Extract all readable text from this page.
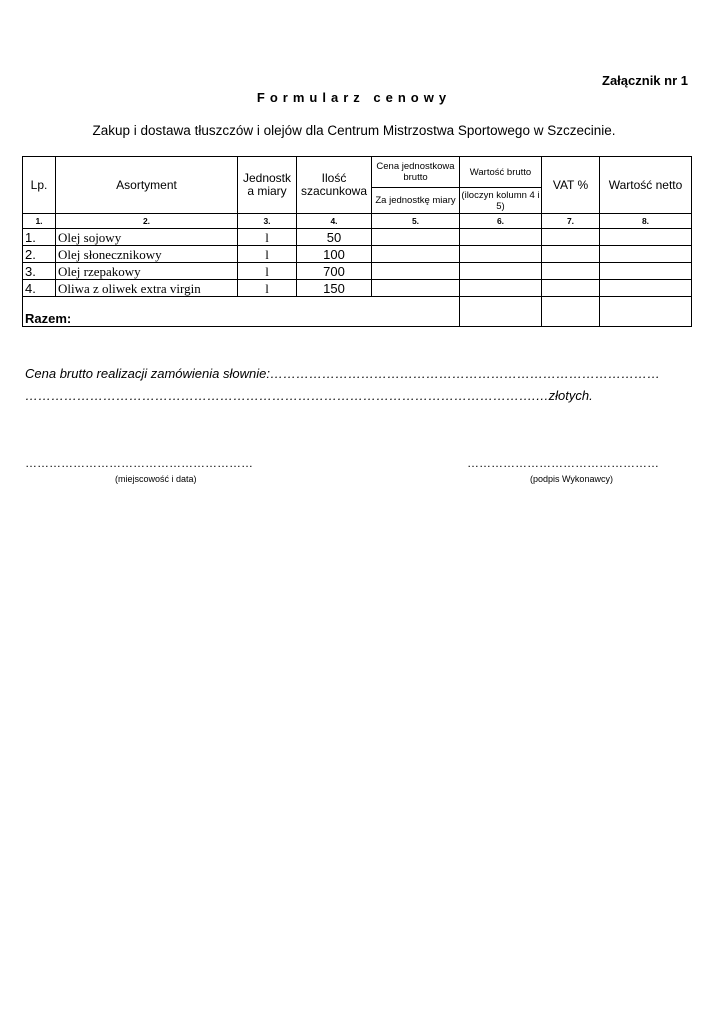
Załącznik nr 1
Formularz cenowy
Zakup i dostawa tłuszczów i olejów dla Centrum Mistrzostwa Sportowego w Szczecinie.
Lp.	Asortyment	Jednostk a miary	Ilość szacunkowa	Cena jednostkowa brutto	Wartość brutto	VAT %	Wartość netto
				Za jednostkę miary	(iloczyn kolumn 4 i 5)		
1.	2.	3.	4.	5.	6.	7.	8.
1.	Olej sojowy	l	50				
2.	Olej słonecznikowy	l	100				
3.	Olej rzepakowy	l	700				
4.	Oliwa z oliwek extra virgin	l	150				
Razem:							
Cena brutto realizacji zamówienia słownie:………………………………………………………………………………
……………………………………………………………………………………………………….…złotych.
…………………………………………………	…………………………………………
(miejscowość i data)	(podpis Wykonawcy)
